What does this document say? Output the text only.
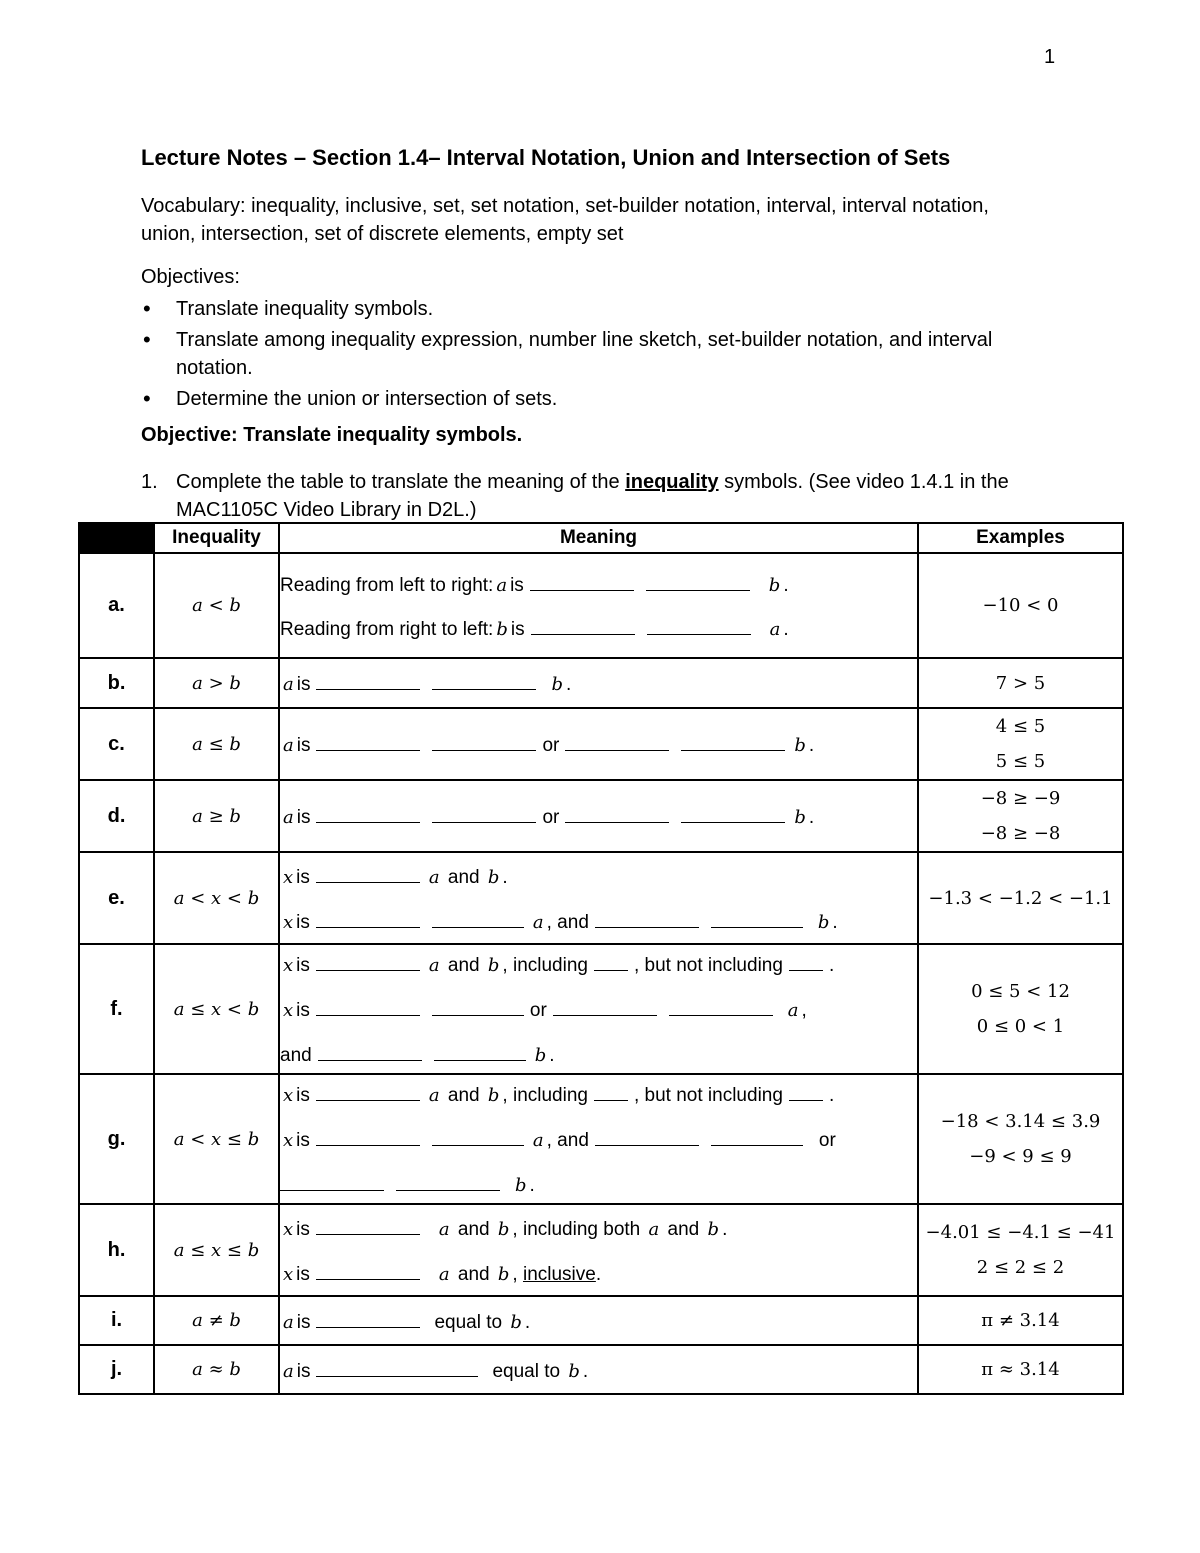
1
Lecture Notes – Section 1.4– Interval Notation, Union and Intersection of Sets
Vocabulary: inequality, inclusive, set, set notation, set-builder notation, interval, interval notation, union, intersection, set of discrete elements, empty set
Objectives:
• Translate inequality symbols.
• Translate among inequality expression, number line sketch, set-builder notation, and interval notation.
• Determine the union or intersection of sets.
Objective: Translate inequality symbols.
1. Complete the table to translate the meaning of the inequality symbols. (See video 1.4.1 in the MAC1105C Video Library in D2L.)
	Inequality	Meaning	Examples
a.	a < b	Reading from left to right: a is b .
Reading from right to left: b is a .	−10 < 0

b.	a > b	a is b .	7 > 5

c.	a ≤ b	a is or b .	4 ≤ 5
5 ≤ 5

d.	a ≥ b	a is or b .	−8 ≥ −9
−8 ≥ −8

e.	a < x < b	x is a and b .
x is a , and b .	−1.3 < −1.2 < −1.1

f.	a ≤ x < b	x is a and b , including , but not including .
x is or a ,
and b .	0 ≤ 5 < 12
0 ≤ 0 < 1

g.	a < x ≤ b	x is a and b , including , but not including .
x is a , and or
b .	−18 < 3.14 ≤ 3.9
−9 < 9 ≤ 9

h.	a ≤ x ≤ b	x is a and b , including both a and b .
x is a and b , inclusive.	−4.01 ≤ −4.1 ≤ −41
2 ≤ 2 ≤ 2

i.	a ≠ b	a is equal to b .	π ≠ 3.14

j.	a ≈ b	a is equal to b .	π ≈ 3.14
